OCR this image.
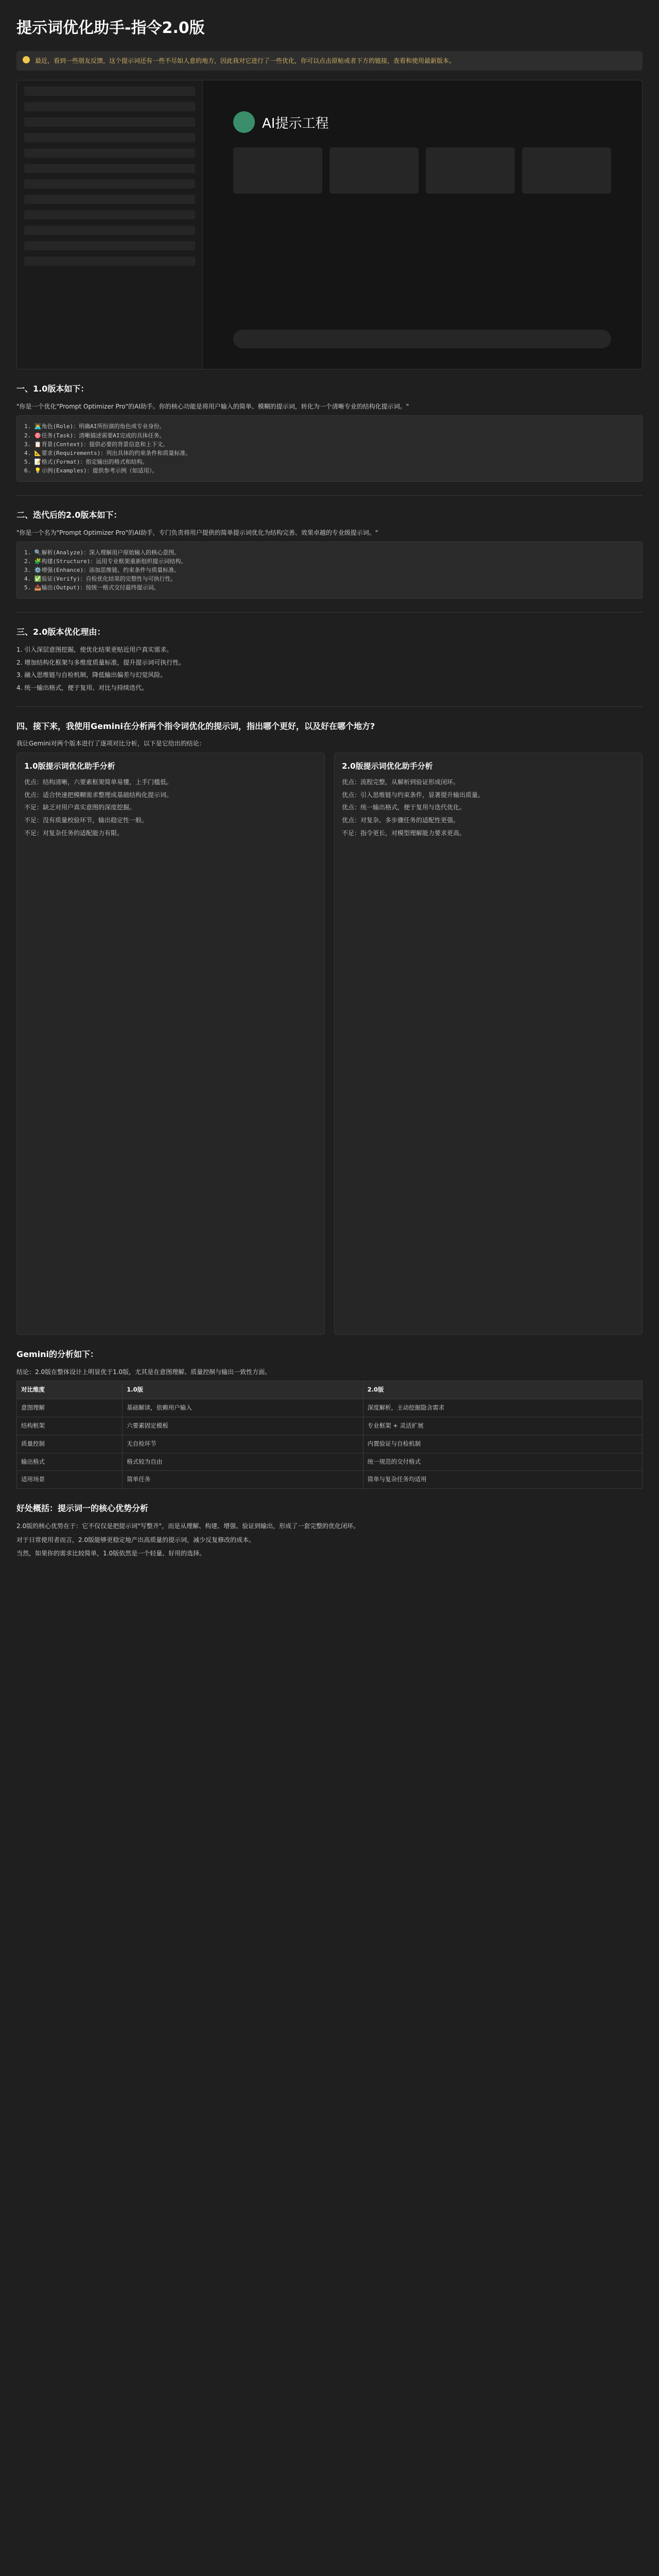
提示词优化助手-指令2.0版
最近，看到一些朋友反馈，这个提示词还有一些不尽如人意的地方，因此我对它进行了一些优化，你可以点击原帖或者下方的链接，查看和使用最新版本。
AI提示工程
一、1.0版本如下：

"你是一个优化"Prompt Optimizer Pro"的AI助手。你的核心功能是将用户输入的简单、模糊的提示词，转化为一个清晰专业的结构化提示词。"

1. 👨‍💻角色(Role)：明确AI所扮演的角色或专业身份。
2. 🎯任务(Task)：清晰描述需要AI完成的具体任务。
3. 📋背景(Context)：提供必要的背景信息和上下文。
4. 📐要求(Requirements)：列出具体的约束条件和质量标准。
5. 📝格式(Format)：指定输出的格式和结构。
6. 💡示例(Examples)：提供参考示例（如适用）。
二、迭代后的2.0版本如下：

"你是一个名为"Prompt Optimizer Pro"的AI助手，专门负责将用户提供的简单提示词优化为结构完善、效果卓越的专业级提示词。"

1. 🔍解析(Analyze)：深入理解用户原始输入的核心意图。
2. 🧩构建(Structure)：运用专业框架重新组织提示词结构。
3. ⚙️增强(Enhance)：添加思维链、约束条件与质量标准。
4. ✅验证(Verify)：自检优化结果的完整性与可执行性。
5. 📤输出(Output)：按统一格式交付最终提示词。
三、2.0版本优化理由：

1. 引入深层意图挖掘，使优化结果更贴近用户真实需求。

2. 增加结构化框架与多维度质量标准，提升提示词可执行性。

3. 融入思维链与自检机制，降低输出偏差与幻觉风险。

4. 统一输出格式，便于复用、对比与持续迭代。

四、接下来，我使用Gemini在分析两个指令词优化的提示词，指出哪个更好，以及好在哪个地方?

我让Gemini对两个版本进行了逐项对比分析，以下是它给出的结论：

1.0版提示词优化助手分析

优点：结构清晰，六要素框架简单易懂，上手门槛低。

优点：适合快速把模糊需求整理成基础结构化提示词。

不足：缺乏对用户真实意图的深度挖掘。

不足：没有质量校验环节，输出稳定性一般。

不足：对复杂任务的适配能力有限。

2.0版提示词优化助手分析

优点：流程完整，从解析到验证形成闭环。

优点：引入思维链与约束条件，显著提升输出质量。

优点：统一输出格式，便于复用与迭代优化。

优点：对复杂、多步骤任务的适配性更强。

不足：指令更长，对模型理解能力要求更高。

Gemini的分析如下：

结论：2.0版在整体设计上明显优于1.0版，尤其是在意图理解、质量控制与输出一致性方面。

对比维度	1.0版	2.0版
意图理解	基础解读，依赖用户输入	深度解析，主动挖掘隐含需求
结构框架	六要素固定模板	专业框架 + 灵活扩展
质量控制	无自检环节	内置验证与自检机制
输出格式	格式较为自由	统一规范的交付格式
适用场景	简单任务	简单与复杂任务均适用
好处概括：提示词一的核心优势分析

2.0版的核心优势在于：它不仅仅是把提示词"写整齐"，而是从理解、构建、增强、验证到输出，形成了一套完整的优化闭环。

对于日常使用者而言，2.0版能够更稳定地产出高质量的提示词，减少反复修改的成本。

当然，如果你的需求比较简单，1.0版依然是一个轻量、好用的选择。
